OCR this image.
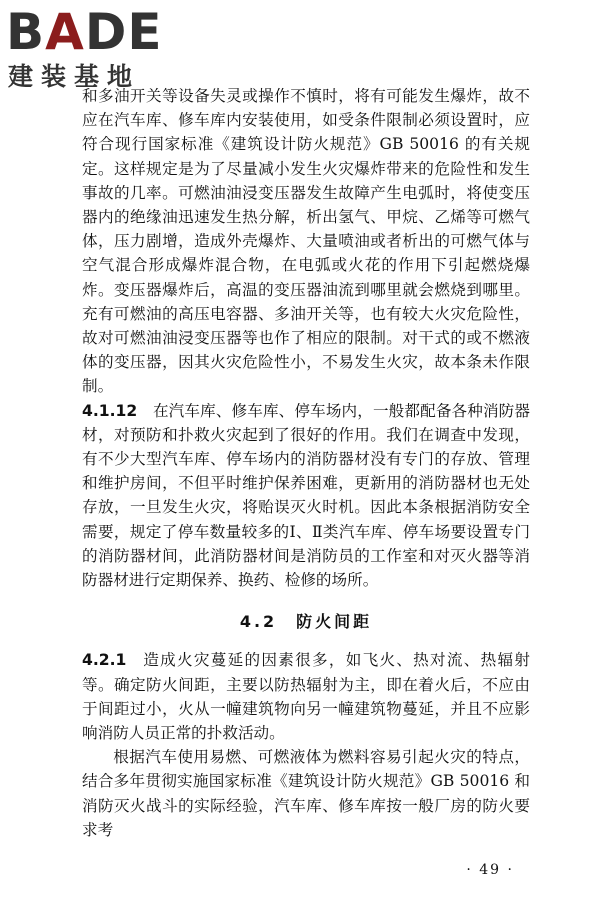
BADE
建装基地

和多油开关等设备失灵或操作不慎时，将有可能发生爆炸，故不应在汽车库、修车库内安装使用，如受条件限制必须设置时，应符合现行国家标准《建筑设计防火规范》GB 50016 的有关规定。这样规定是为了尽量减小发生火灾爆炸带来的危险性和发生事故的几率。可燃油油浸变压器发生故障产生电弧时，将使变压器内的绝缘油迅速发生热分解，析出氢气、甲烷、乙烯等可燃气体，压力剧增，造成外壳爆炸、大量喷油或者析出的可燃气体与空气混合形成爆炸混合物，在电弧或火花的作用下引起燃烧爆炸。变压器爆炸后，高温的变压器油流到哪里就会燃烧到哪里。充有可燃油的高压电容器、多油开关等，也有较大火灾危险性，故对可燃油油浸变压器等也作了相应的限制。对干式的或不燃液体的变压器，因其火灾危险性小，不易发生火灾，故本条未作限制。

4.1.12  在汽车库、修车库、停车场内，一般都配备各种消防器材，对预防和扑救火灾起到了很好的作用。我们在调查中发现，有不少大型汽车库、停车场内的消防器材没有专门的存放、管理和维护房间，不但平时维护保养困难，更新用的消防器材也无处存放，一旦发生火灾，将贻误灭火时机。因此本条根据消防安全需要，规定了停车数量较多的Ⅰ、Ⅱ类汽车库、停车场要设置专门的消防器材间，此消防器材间是消防员的工作室和对灭火器等消防器材进行定期保养、换药、检修的场所。

4.2  防火间距

4.2.1  造成火灾蔓延的因素很多，如飞火、热对流、热辐射等。确定防火间距，主要以防热辐射为主，即在着火后，不应由于间距过小，火从一幢建筑物向另一幢建筑物蔓延，并且不应影响消防人员正常的扑救活动。

根据汽车使用易燃、可燃液体为燃料容易引起火灾的特点，结合多年贯彻实施国家标准《建筑设计防火规范》GB 50016 和消防灭火战斗的实际经验，汽车库、修车库按一般厂房的防火要求考

· 49 ·
